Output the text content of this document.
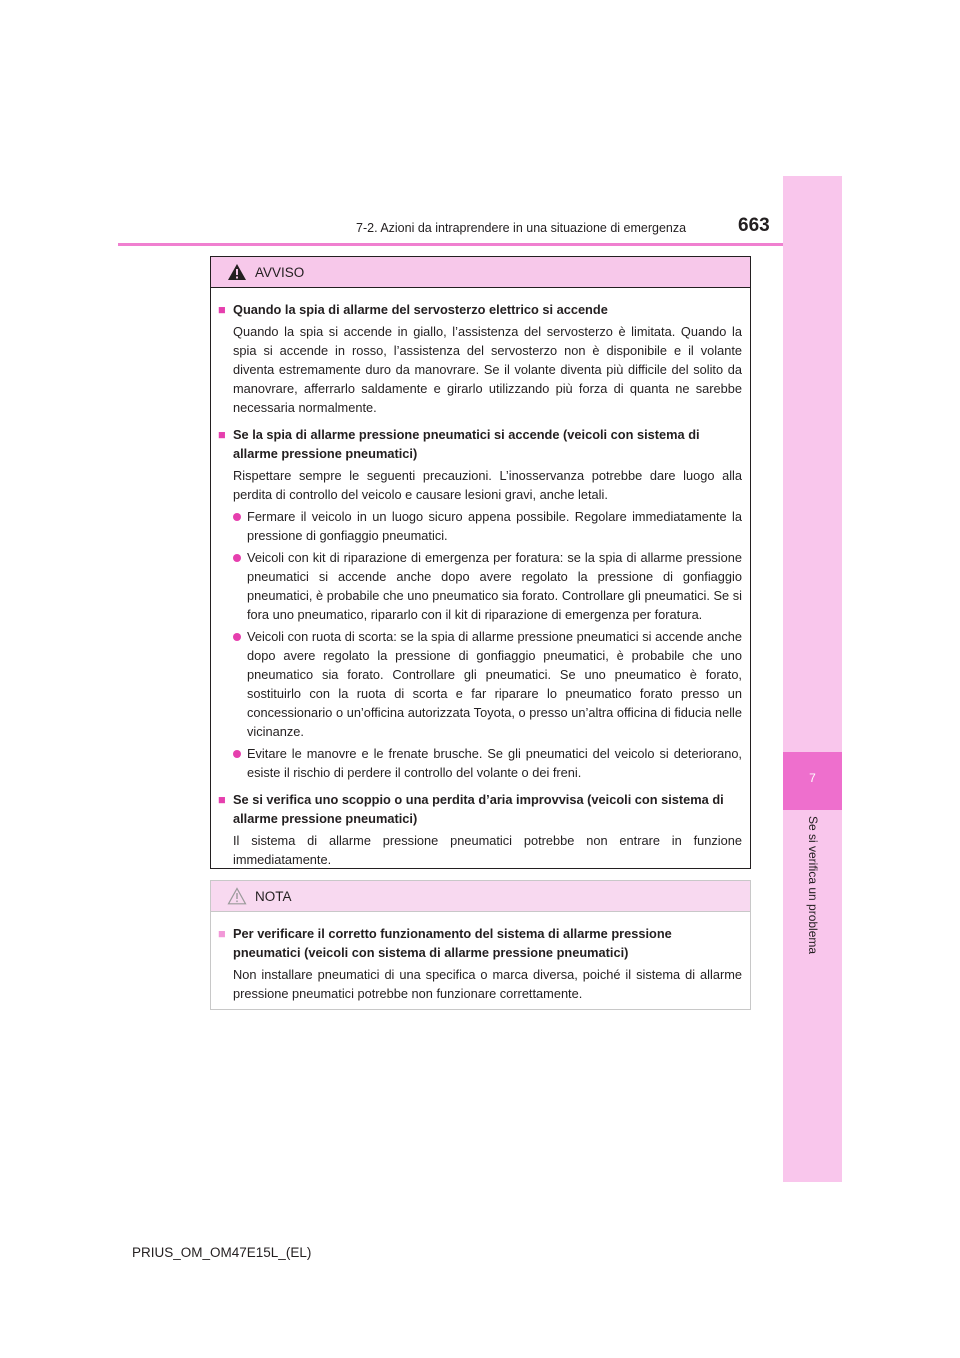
7-2. Azioni da intraprendere in una situazione di emergenza	663
7
Se si verifica un problema
AVVISO
■ Quando la spia di allarme del servosterzo elettrico si accende

Quando la spia si accende in giallo, l’assistenza del servosterzo è limitata. Quando la spia si accende in rosso, l’assistenza del servosterzo non è disponibile e il volante diventa estremamente duro da manovrare. Se il volante diventa più difficile del solito da manovrare, afferrarlo saldamente e girarlo utilizzando più forza di quanta ne sarebbe necessaria normalmente.

■ Se la spia di allarme pressione pneumatici si accende (veicoli con sistema di allarme pressione pneumatici)

Rispettare sempre le seguenti precauzioni. L’inosservanza potrebbe dare luogo alla perdita di controllo del veicolo e causare lesioni gravi, anche letali.

Fermare il veicolo in un luogo sicuro appena possibile. Regolare immediatamente la pressione di gonfiaggio pneumatici.
Veicoli con kit di riparazione di emergenza per foratura: se la spia di allarme pressione pneumatici si accende anche dopo avere regolato la pressione di gonfiaggio pneumatici, è probabile che uno pneumatico sia forato. Controllare gli pneumatici. Se si fora uno pneumatico, ripararlo con il kit di riparazione di emergenza per foratura.
Veicoli con ruota di scorta: se la spia di allarme pressione pneumatici si accende anche dopo avere regolato la pressione di gonfiaggio pneumatici, è probabile che uno pneumatico sia forato. Controllare gli pneumatici. Se uno pneumatico è forato, sostituirlo con la ruota di scorta e far riparare lo pneumatico forato presso un concessionario o un’officina autorizzata Toyota, o presso un’altra officina di fiducia nelle vicinanze.
Evitare le manovre e le frenate brusche. Se gli pneumatici del veicolo si deteriorano, esiste il rischio di perdere il controllo del volante o dei freni.
■ Se si verifica uno scoppio o una perdita d’aria improvvisa (veicoli con sistema di allarme pressione pneumatici)

Il sistema di allarme pressione pneumatici potrebbe non entrare in funzione immediatamente.

NOTA
■ Per verificare il corretto funzionamento del sistema di allarme pressione pneumatici (veicoli con sistema di allarme pressione pneumatici)

Non installare pneumatici di una specifica o marca diversa, poiché il sistema di allarme pressione pneumatici potrebbe non funzionare correttamente.

PRIUS_OM_OM47E15L_(EL)
